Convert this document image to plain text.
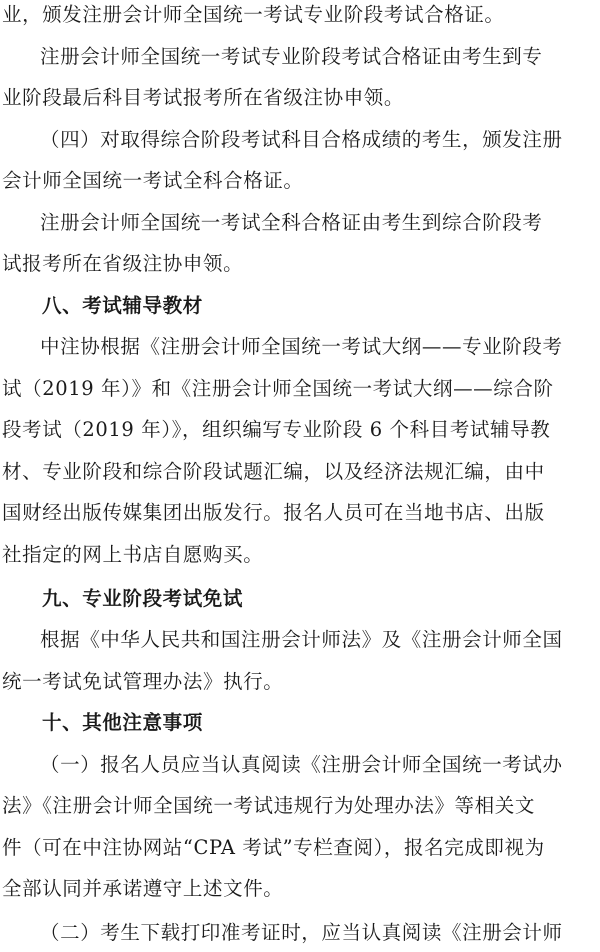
业，颁发注册会计师全国统一考试专业阶段考试合格证。
注册会计师全国统一考试专业阶段考试合格证由考生到专
业阶段最后科目考试报考所在省级注协申领。
（四）对取得综合阶段考试科目合格成绩的考生，颁发注册
会计师全国统一考试全科合格证。
注册会计师全国统一考试全科合格证由考生到综合阶段考
试报考所在省级注协申领。
八、考试辅导教材
中注协根据《注册会计师全国统一考试大纲——专业阶段考
试（2019 年）》和《注册会计师全国统一考试大纲——综合阶
段考试（2019 年）》，组织编写专业阶段 6 个科目考试辅导教
材、专业阶段和综合阶段试题汇编，以及经济法规汇编，由中
国财经出版传媒集团出版发行。报名人员可在当地书店、出版
社指定的网上书店自愿购买。
九、专业阶段考试免试
根据《中华人民共和国注册会计师法》及《注册会计师全国
统一考试免试管理办法》执行。
十、其他注意事项
（一）报名人员应当认真阅读《注册会计师全国统一考试办
法》《注册会计师全国统一考试违规行为处理办法》等相关文
件（可在中注协网站“CPA 考试”专栏查阅），报名完成即视为
全部认同并承诺遵守上述文件。
（二）考生下载打印准考证时，应当认真阅读《注册会计师
